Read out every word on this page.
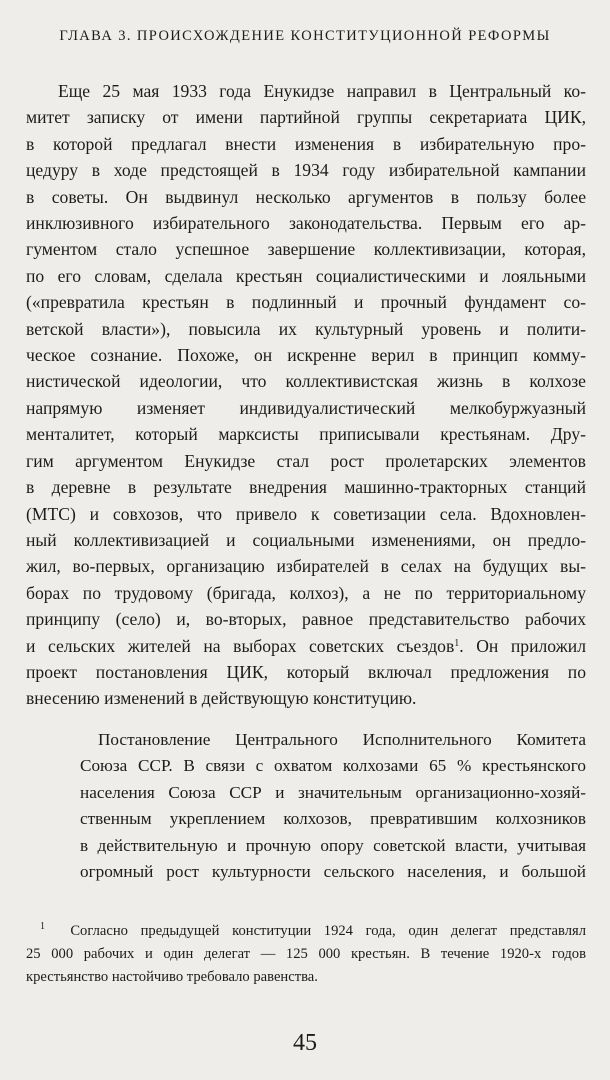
ГЛАВА 3. ПРОИСХОЖДЕНИЕ КОНСТИТУЦИОННОЙ РЕФОРМЫ

Еще 25 мая 1933 года Енукидзе направил в Центральный ко-
митет записку от имени партийной группы секретариата ЦИК,
в которой предлагал внести изменения в избирательную про-
цедуру в ходе предстоящей в 1934 году избирательной кампании
в советы. Он выдвинул несколько аргументов в пользу более
инклюзивного избирательного законодательства. Первым его ар-
гументом стало успешное завершение коллективизации, которая,
по его словам, сделала крестьян социалистическими и лояльными
(«превратила крестьян в подлинный и прочный фундамент со-
ветской власти»), повысила их культурный уровень и полити-
ческое сознание. Похоже, он искренне верил в принцип комму-
нистической идеологии, что коллективистская жизнь в колхозе
напрямую изменяет индивидуалистический мелкобуржуазный
менталитет, который марксисты приписывали крестьянам. Дру-
гим аргументом Енукидзе стал рост пролетарских элементов
в деревне в результате внедрения машинно-тракторных станций
(МТС) и совхозов, что привело к советизации села. Вдохновлен-
ный коллективизацией и социальными изменениями, он предло-
жил, во-первых, организацию избирателей в селах на будущих вы-
борах по трудовому (бригада, колхоз), а не по территориальному
принципу (село) и, во-вторых, равное представительство рабочих
и сельских жителей на выборах советских съездов$^1$. Он приложил
проект постановления ЦИК, который включал предложения по
внесению изменений в действующую конституцию.

Постановление Центрального Исполнительного Комитета
Союза ССР. В связи с охватом колхозами 65 % крестьянского
населения Союза ССР и значительным организационно-хозяй-
ственным укреплением колхозов, превратившим колхозников
в действительную и прочную опору советской власти, учитывая
огромный рост культурности сельского населения, и большой
$^1$ Согласно предыдущей конституции 1924 года, один делегат представлял
25 000 рабочих и один делегат — 125 000 крестьян. В течение 1920-х годов
крестьянство настойчиво требовало равенства.
45
